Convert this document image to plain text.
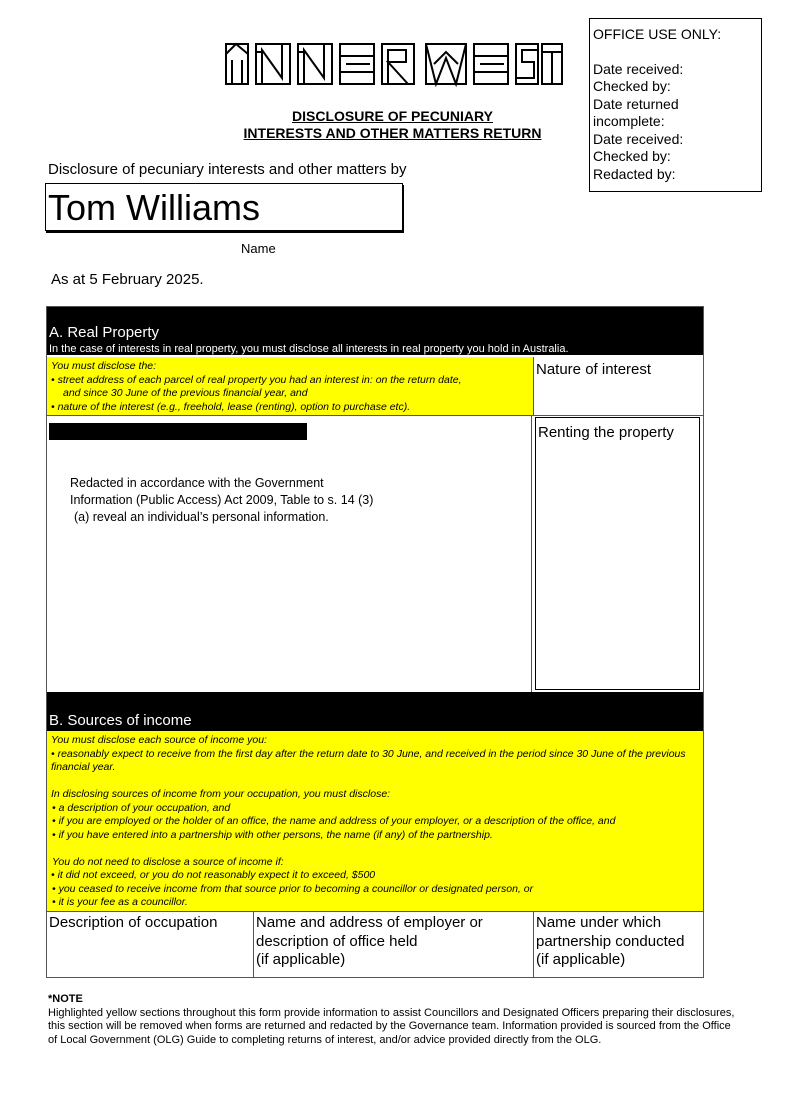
DISCLOSURE OF PECUNIARY
INTERESTS AND OTHER MATTERS RETURN
OFFICE USE ONLY:
Date received:
Checked by:
Date returned
incomplete:
Date received:
Checked by:
Redacted by:
Disclosure of pecuniary interests and other matters by
Tom Williams
Name
As at 5 February 2025.
A. Real Property
In the case of interests in real property, you must disclose all interests in real property you hold in Australia.
You must disclose the:
• street address of each parcel of real property you had an interest in: on the return date,
and since 30 June of the previous financial year, and
• nature of the interest (e.g., freehold, lease (renting), option to purchase etc).
Nature of interest
Redacted in accordance with the Government
Information (Public Access) Act 2009, Table to s. 14 (3)
(a) reveal an individual’s personal information.
Renting the property
B. Sources of income
You must disclose each source of income you:
• reasonably expect to receive from the first day after the return date to 30 June, and received in the period since 30 June of the previous financial year.
In disclosing sources of income from your occupation, you must disclose:
• a description of your occupation, and
• if you are employed or the holder of an office, the name and address of your employer, or a description of the office, and
• if you have entered into a partnership with other persons, the name (if any) of the partnership.
You do not need to disclose a source of income if:
• it did not exceed, or you do not reasonably expect it to exceed, $500
• you ceased to receive income from that source prior to becoming a councillor or designated person, or
• it is your fee as a councillor.
Description of occupation	Name and address of employer or
description of office held
(if applicable)
Name under which
partnership conducted
(if applicable)
*NOTE
Highlighted yellow sections throughout this form provide information to assist Councillors and Designated Officers preparing their disclosures, this section will be removed when forms are returned and redacted by the Governance team. Information provided is sourced from the Office of Local Government (OLG) Guide to completing returns of interest, and/or advice provided directly from the OLG.
